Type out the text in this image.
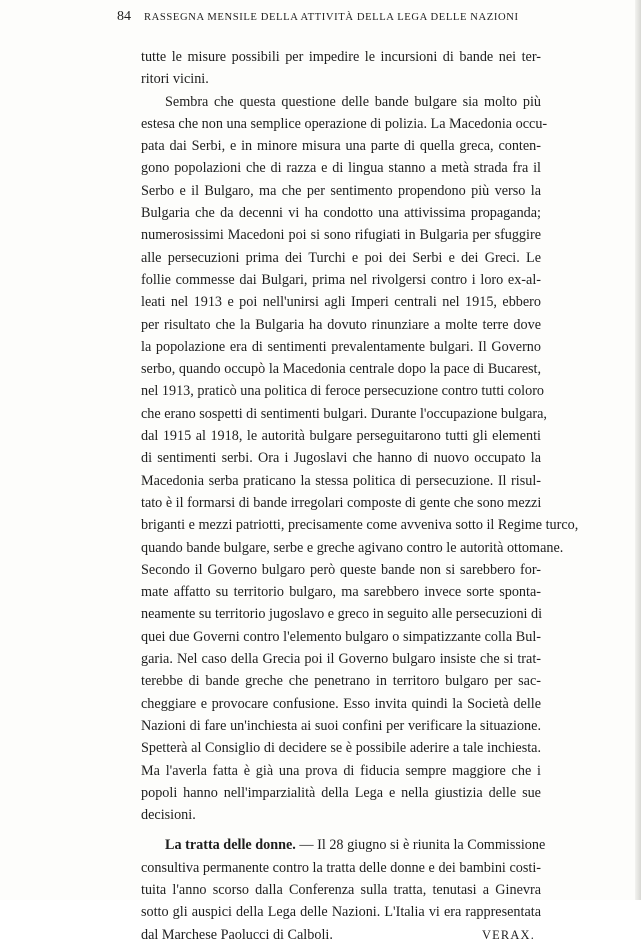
84 RASSEGNA MENSILE DELLA ATTIVITÀ DELLA LEGA DELLE NAZIONI
tutte le misure possibili per impedire le incursioni di bande nei ter-
ritori vicini.
Sembra che questa questione delle bande bulgare sia molto più
estesa che non una semplice operazione di polizia. La Macedonia occu-
pata dai Serbi, e in minore misura una parte di quella greca, conten-
gono popolazioni che di razza e di lingua stanno a metà strada fra il
Serbo e il Bulgaro, ma che per sentimento propendono più verso la
Bulgaria che da decenni vi ha condotto una attivissima propaganda;
numerosissimi Macedoni poi si sono rifugiati in Bulgaria per sfuggire
alle persecuzioni prima dei Turchi e poi dei Serbi e dei Greci. Le
follie commesse dai Bulgari, prima nel rivolgersi contro i loro ex-al-
leati nel 1913 e poi nell'unirsi agli Imperi centrali nel 1915, ebbero
per risultato che la Bulgaria ha dovuto rinunziare a molte terre dove
la popolazione era di sentimenti prevalentamente bulgari. Il Governo
serbo, quando occupò la Macedonia centrale dopo la pace di Bucarest,
nel 1913, praticò una politica di feroce persecuzione contro tutti coloro
che erano sospetti di sentimenti bulgari. Durante l'occupazione bulgara,
dal 1915 al 1918, le autorità bulgare perseguitarono tutti gli elementi
di sentimenti serbi. Ora i Jugoslavi che hanno di nuovo occupato la
Macedonia serba praticano la stessa politica di persecuzione. Il risul-
tato è il formarsi di bande irregolari composte di gente che sono mezzi
briganti e mezzi patriotti, precisamente come avveniva sotto il Regime turco,
quando bande bulgare, serbe e greche agivano contro le autorità ottomane.
Secondo il Governo bulgaro però queste bande non si sarebbero for-
mate affatto su territorio bulgaro, ma sarebbero invece sorte sponta-
neamente su territorio jugoslavo e greco in seguito alle persecuzioni di
quei due Governi contro l'elemento bulgaro o simpatizzante colla Bul-
garia. Nel caso della Grecia poi il Governo bulgaro insiste che si trat-
terebbe di bande greche che penetrano in territoro bulgaro per sac-
cheggiare e provocare confusione. Esso invita quindi la Società delle
Nazioni di fare un'inchiesta ai suoi confini per verificare la situazione.
Spetterà al Consiglio di decidere se è possibile aderire a tale inchiesta.
Ma l'averla fatta è già una prova di fiducia sempre maggiore che i
popoli hanno nell'imparzialità della Lega e nella giustizia delle sue
decisioni.
La tratta delle donne. — Il 28 giugno si è riunita la Commissione
consultiva permanente contro la tratta delle donne e dei bambini costi-
tuita l'anno scorso dalla Conferenza sulla tratta, tenutasi a Ginevra
sotto gli auspici della Lega delle Nazioni. L'Italia vi era rappresentata
dal Marchese Paolucci di Calboli.	VERAX.
